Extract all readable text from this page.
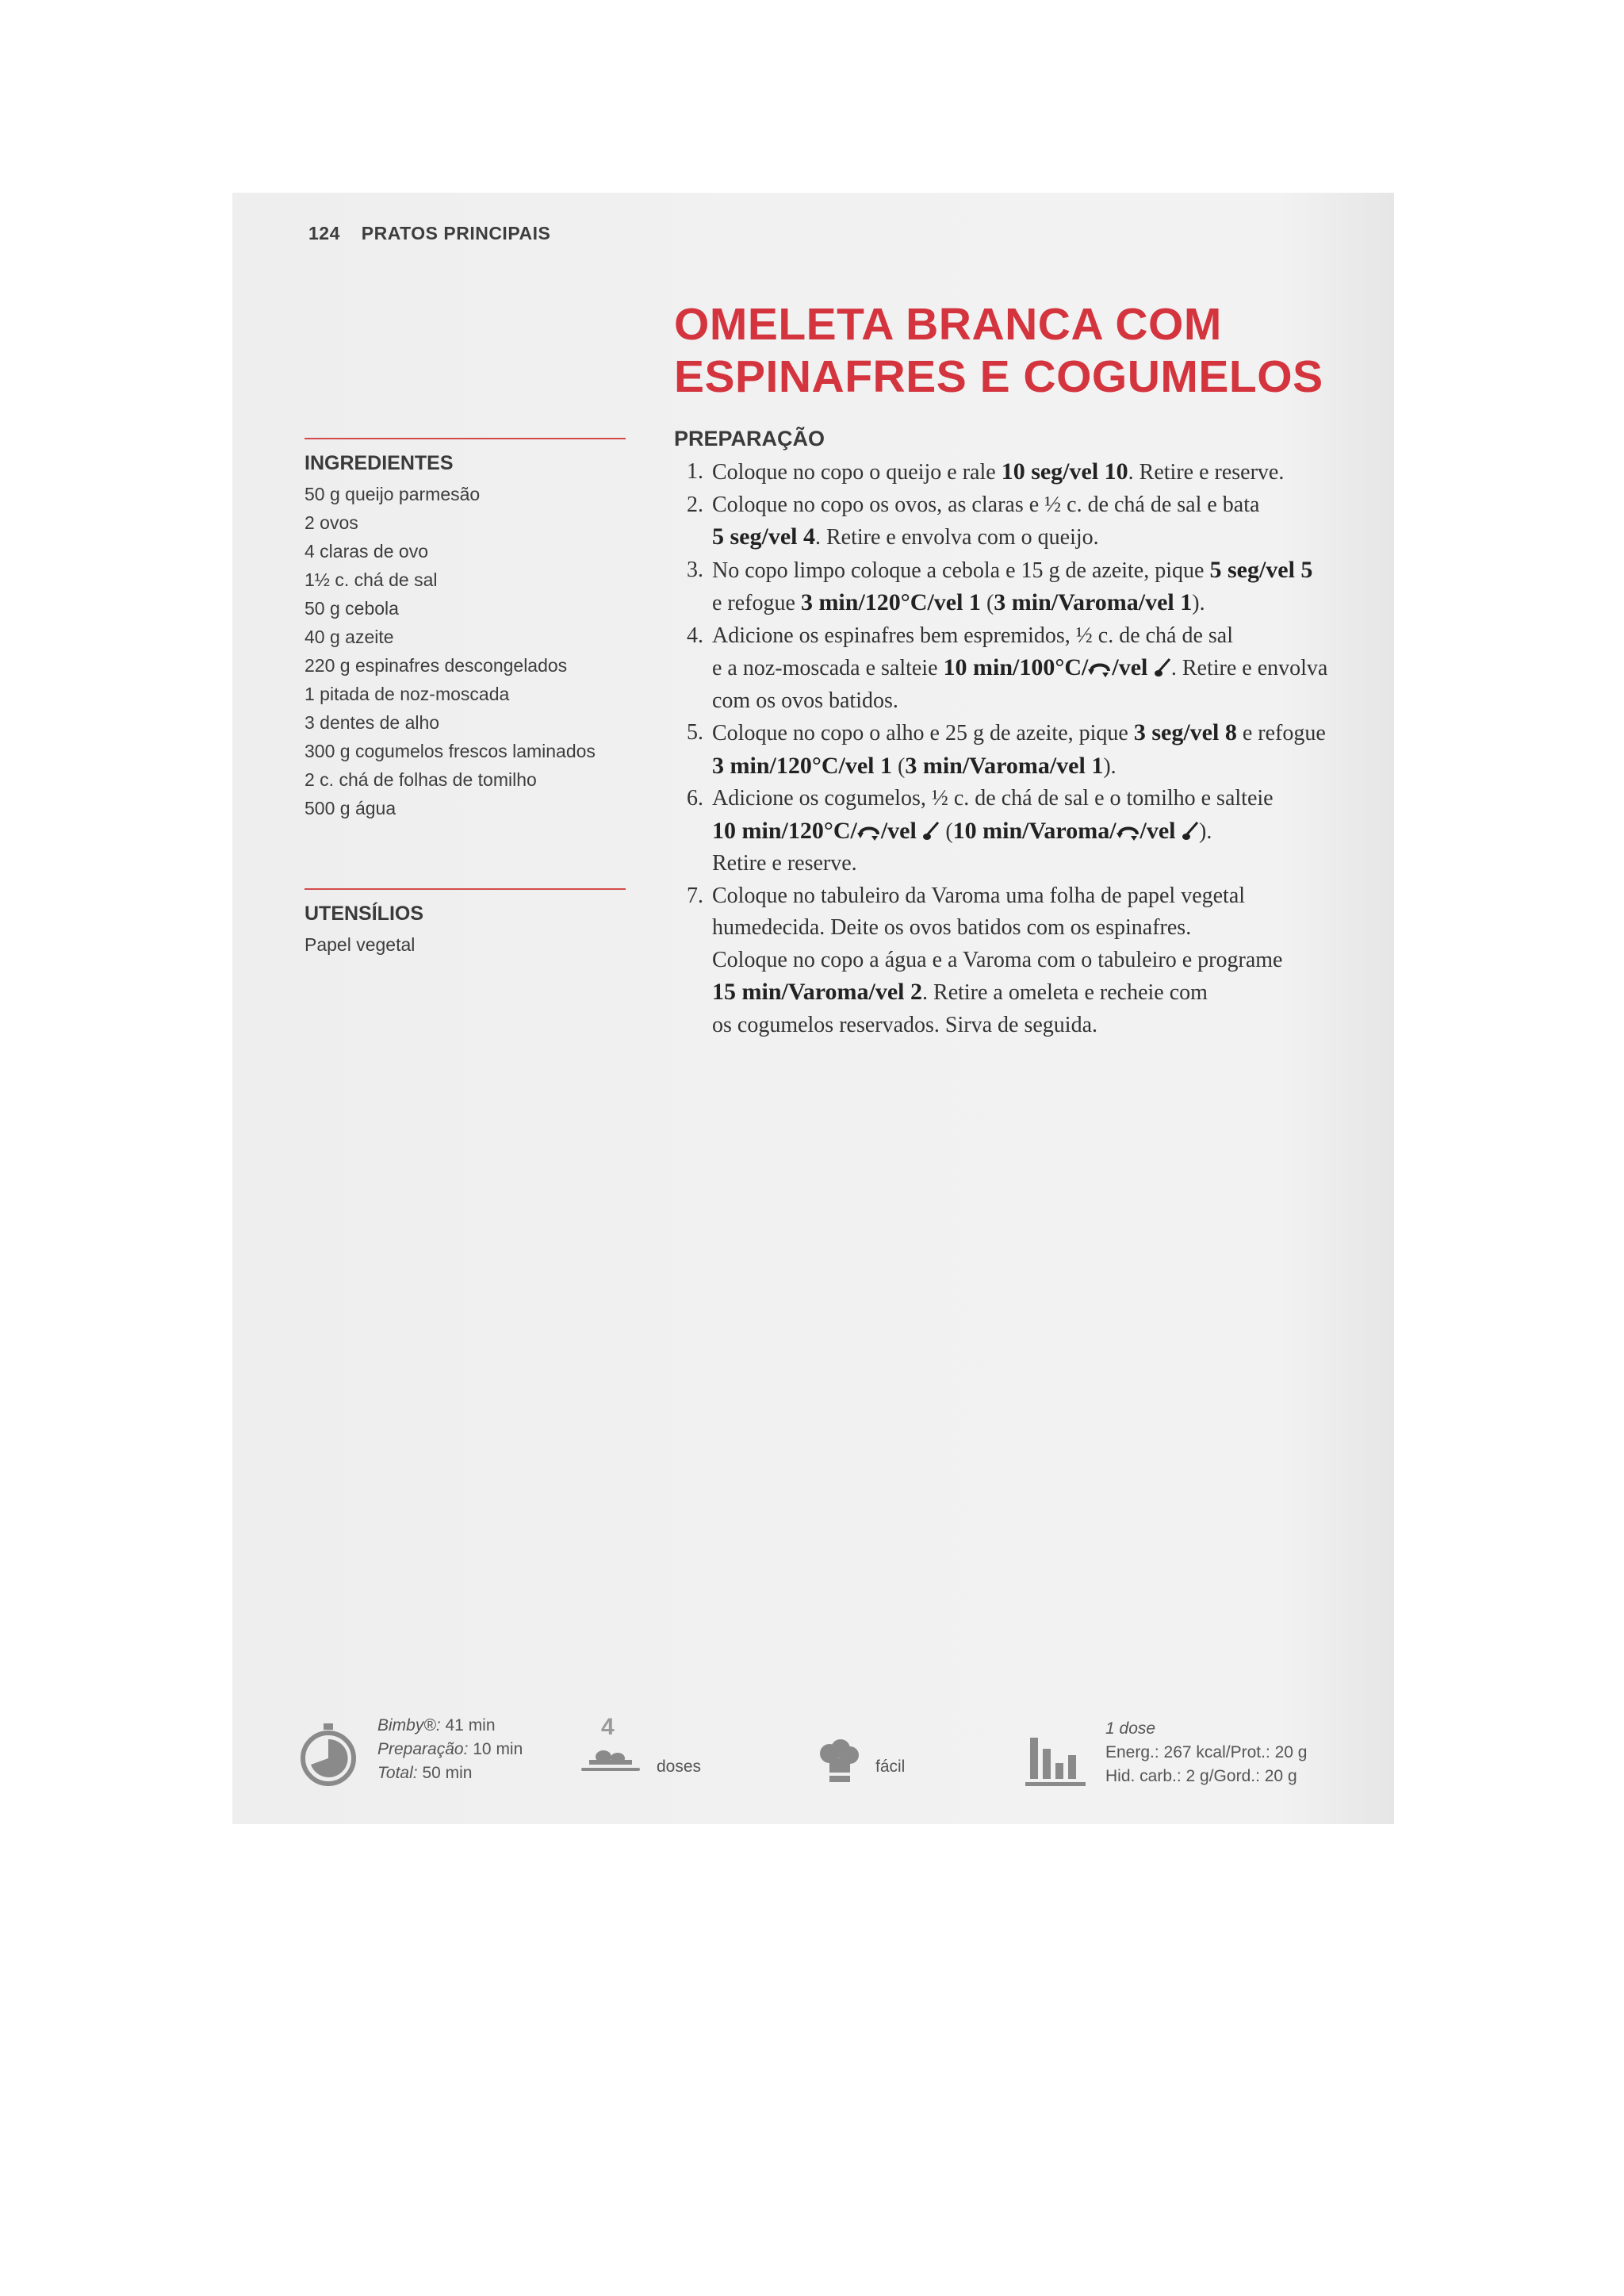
124 PRATOS PRINCIPAIS
OMELETA BRANCA COM
ESPINAFRES E COGUMELOS
INGREDIENTES
50 g queijo parmesão
2 ovos
4 claras de ovo
1½ c. chá de sal
50 g cebola
40 g azeite
220 g espinafres descongelados
1 pitada de noz-moscada
3 dentes de alho
300 g cogumelos frescos laminados
2 c. chá de folhas de tomilho
500 g água
UTENSÍLIOS
Papel vegetal
PREPARAÇÃO
1. Coloque no copo o queijo e rale 10 seg/vel 10. Retire e reserve.
2. Coloque no copo os ovos, as claras e ½ c. de chá de sal e bata
5 seg/vel 4. Retire e envolva com o queijo.
3. No copo limpo coloque a cebola e 15 g de azeite, pique 5 seg/vel 5
e refogue 3 min/120°C/vel 1 (3 min/Varoma/vel 1).
4. Adicione os espinafres bem espremidos, ½ c. de chá de sal
e a noz-moscada e salteie 10 min/100°C/ /vel . Retire e envolva
com os ovos batidos.
5. Coloque no copo o alho e 25 g de azeite, pique 3 seg/vel 8 e refogue
3 min/120°C/vel 1 (3 min/Varoma/vel 1).
6. Adicione os cogumelos, ½ c. de chá de sal e o tomilho e salteie
10 min/120°C/ /vel  (10 min/Varoma/ /vel ).
Retire e reserve.
7. Coloque no tabuleiro da Varoma uma folha de papel vegetal
humedecida. Deite os ovos batidos com os espinafres.
Coloque no copo a água e a Varoma com o tabuleiro e programe
15 min/Varoma/vel 2. Retire a omeleta e recheie com
os cogumelos reservados. Sirva de seguida.
Bimby®: 41 min
Preparação: 10 min
Total: 50 min
4
doses	fácil
1 dose
Energ.: 267 kcal/Prot.: 20 g
Hid. carb.: 2 g/Gord.: 20 g
